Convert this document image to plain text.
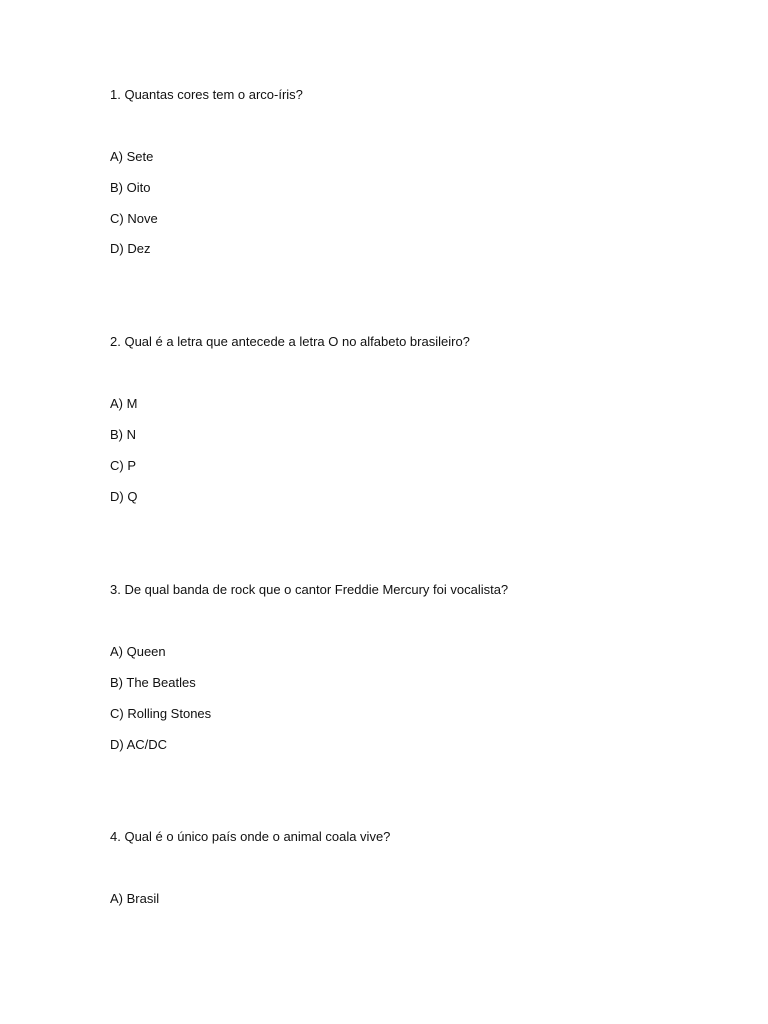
1. Quantas cores tem o arco-íris?
A) Sete
B) Oito
C) Nove
D) Dez
2. Qual é a letra que antecede a letra O no alfabeto brasileiro?
A) M
B) N
C) P
D) Q
3. De qual banda de rock que o cantor Freddie Mercury foi vocalista?
A) Queen
B) The Beatles
C) Rolling Stones
D) AC/DC
4. Qual é o único país onde o animal coala vive?
A) Brasil
